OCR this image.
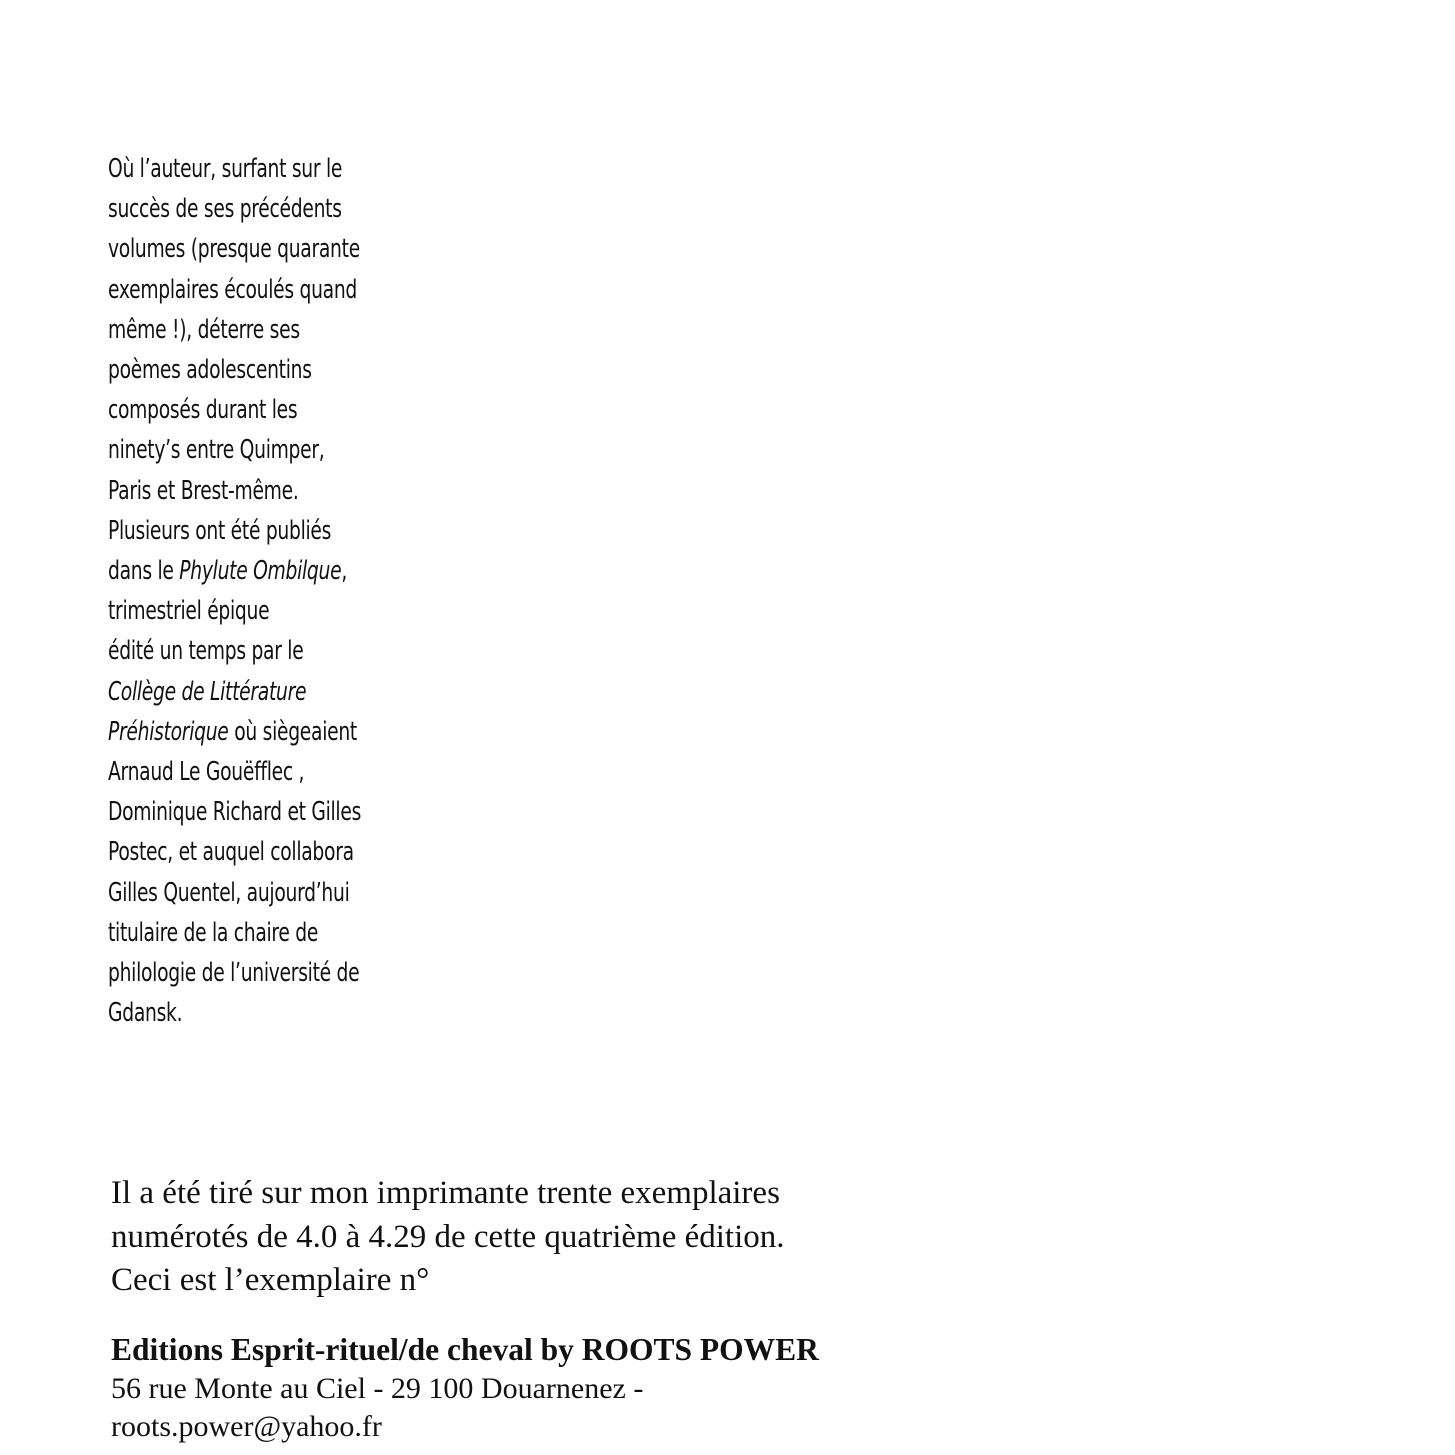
Où l’auteur, surfant sur le
succès de ses précédents
volumes (presque quarante
exemplaires écoulés quand
même !), déterre ses
poèmes adolescentins
composés durant les
ninety’s entre Quimper,
Paris et Brest-même.
Plusieurs ont été publiés
dans le Phylute Ombilque,
trimestriel épique
édité un temps par le
Collège de Littérature
Préhistorique où siègeaient
Arnaud Le Gouëfflec ,
Dominique Richard et Gilles
Postec, et auquel collabora
Gilles Quentel, aujourd’hui
titulaire de la chaire de
philologie de l’université de
Gdansk.
Il a été tiré sur mon imprimante trente exemplaires
numérotés de 4.0 à 4.29 de cette quatrième édition.
Ceci est l’exemplaire n°
Editions Esprit-rituel/de cheval by ROOTS POWER
56 rue Monte au Ciel - 29 100 Douarnenez -
roots.power@yahoo.fr
